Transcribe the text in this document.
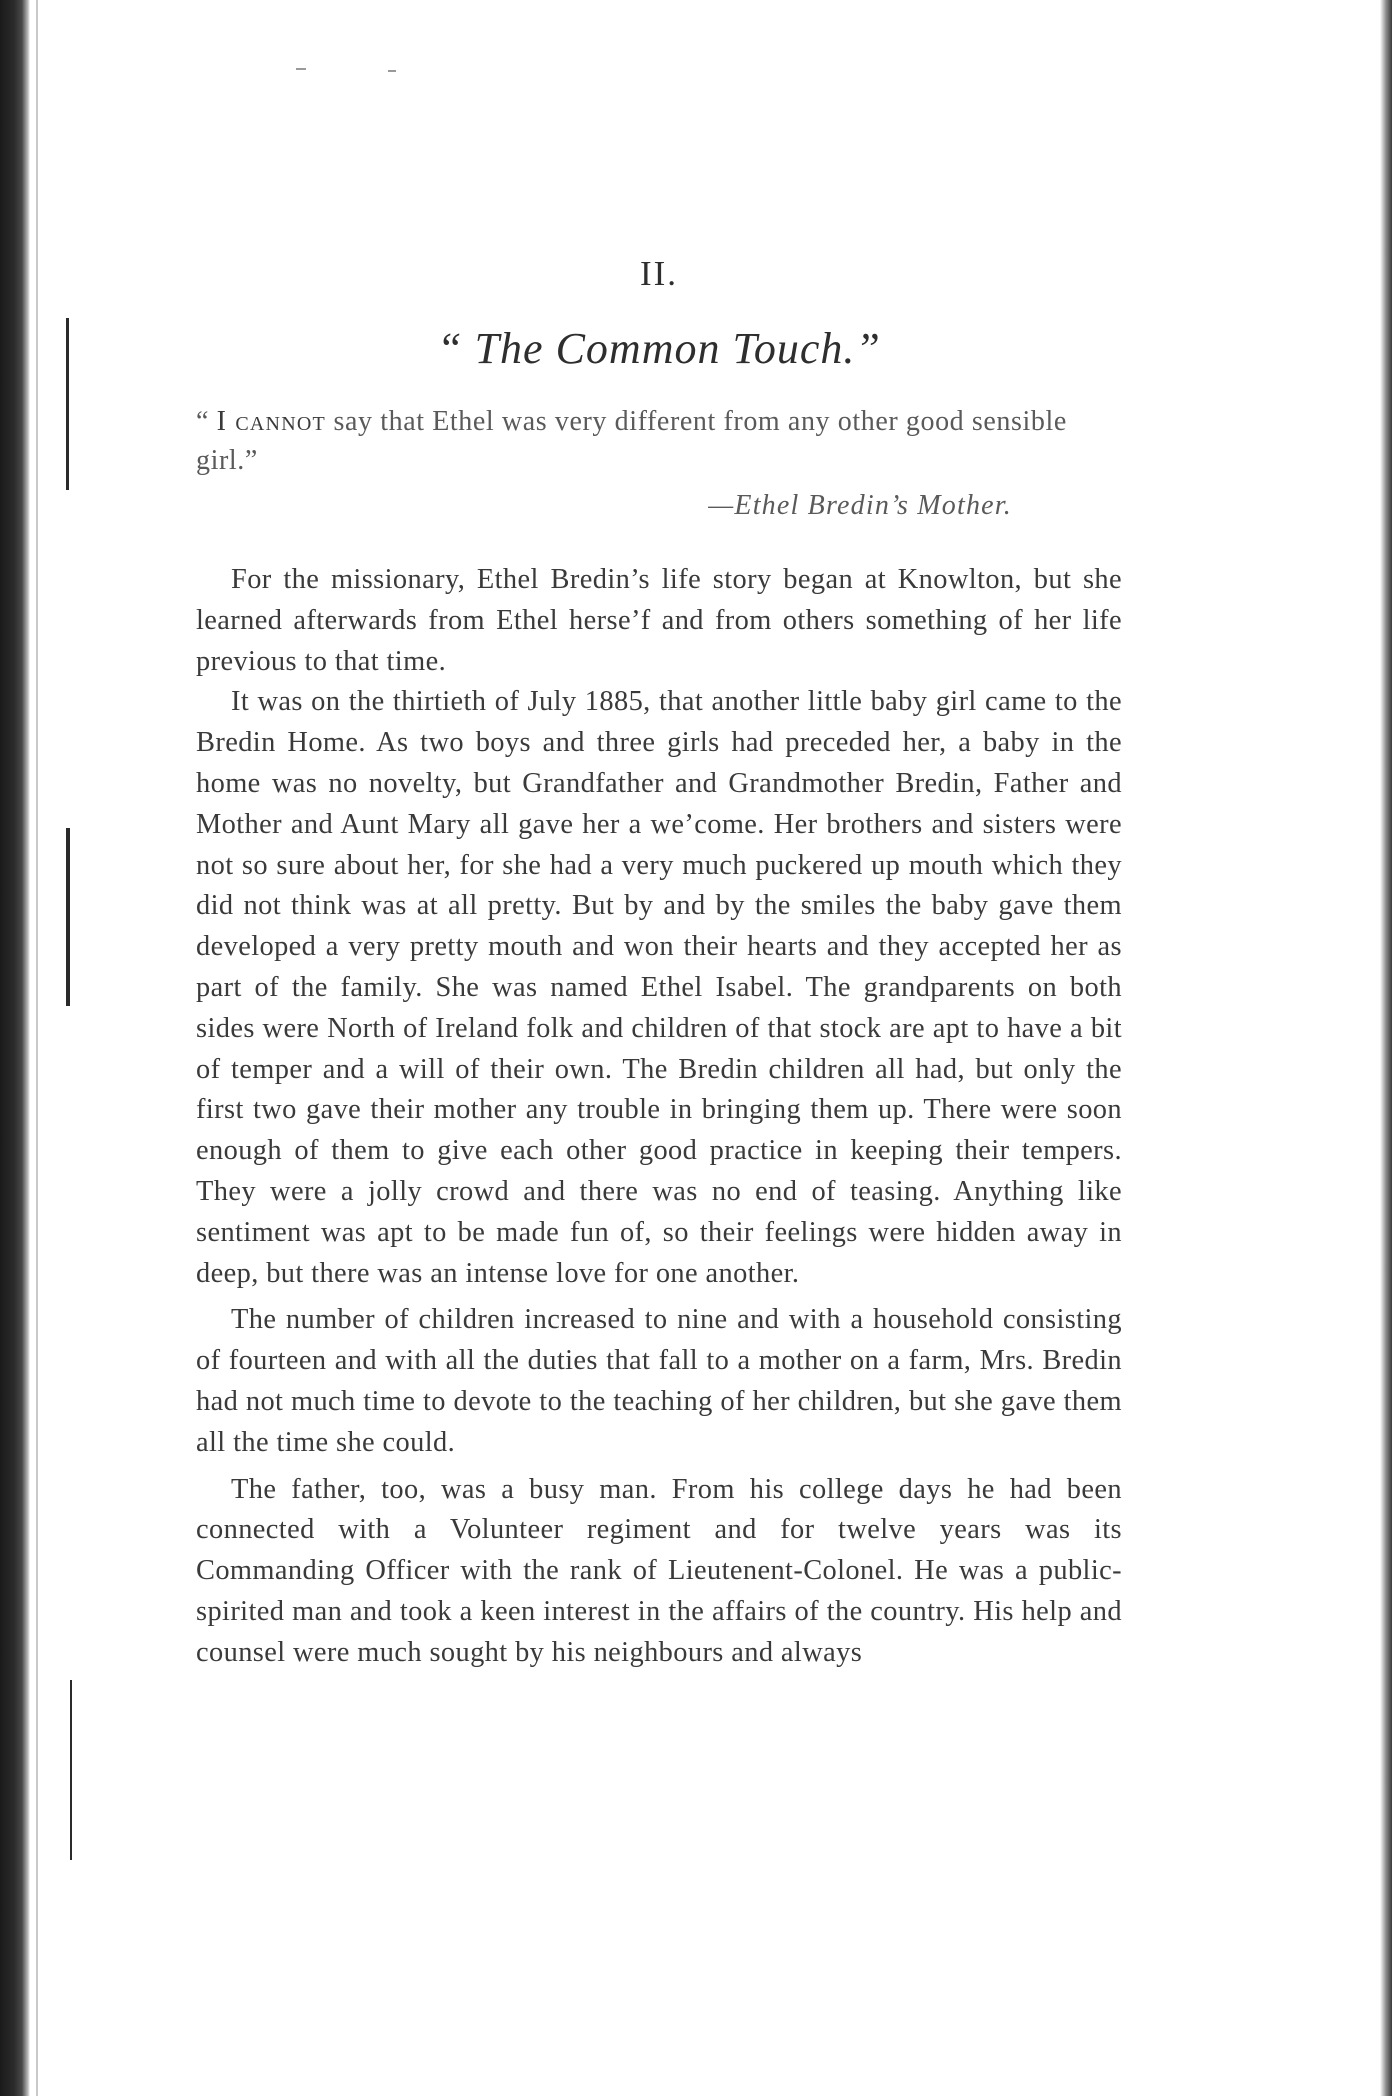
II.
“ The Common Touch.”
“ I cannot say that Ethel was very different from any other good sensible girl.”
—Ethel Bredin’s Mother.

For the missionary, Ethel Bredin’s life story began at Knowlton, but she learned afterwards from Ethel herse’f and from others something of her life previous to that time.

It was on the thirtieth of July 1885, that another little baby girl came to the Bredin Home. As two boys and three girls had preceded her, a baby in the home was no novelty, but Grandfather and Grandmother Bredin, Father and Mother and Aunt Mary all gave her a we’come. Her brothers and sisters were not so sure about her, for she had a very much puckered up mouth which they did not think was at all pretty. But by and by the smiles the baby gave them developed a very pretty mouth and won their hearts and they accepted her as part of the family. She was named Ethel Isabel. The grandparents on both sides were North of Ireland folk and children of that stock are apt to have a bit of temper and a will of their own. The Bredin children all had, but only the first two gave their mother any trouble in bringing them up. There were soon enough of them to give each other good practice in keeping their tempers. They were a jolly crowd and there was no end of teasing. Anything like sentiment was apt to be made fun of, so their feelings were hidden away in deep, but there was an intense love for one another.

The number of children increased to nine and with a household consisting of fourteen and with all the duties that fall to a mother on a farm, Mrs. Bredin had not much time to devote to the teaching of her children, but she gave them all the time she could.

The father, too, was a busy man. From his college days he had been connected with a Volunteer regiment and for twelve years was its Commanding Officer with the rank of Lieutenent-Colonel. He was a public-spirited man and took a keen interest in the affairs of the country. His help and counsel were much sought by his neighbours and always
